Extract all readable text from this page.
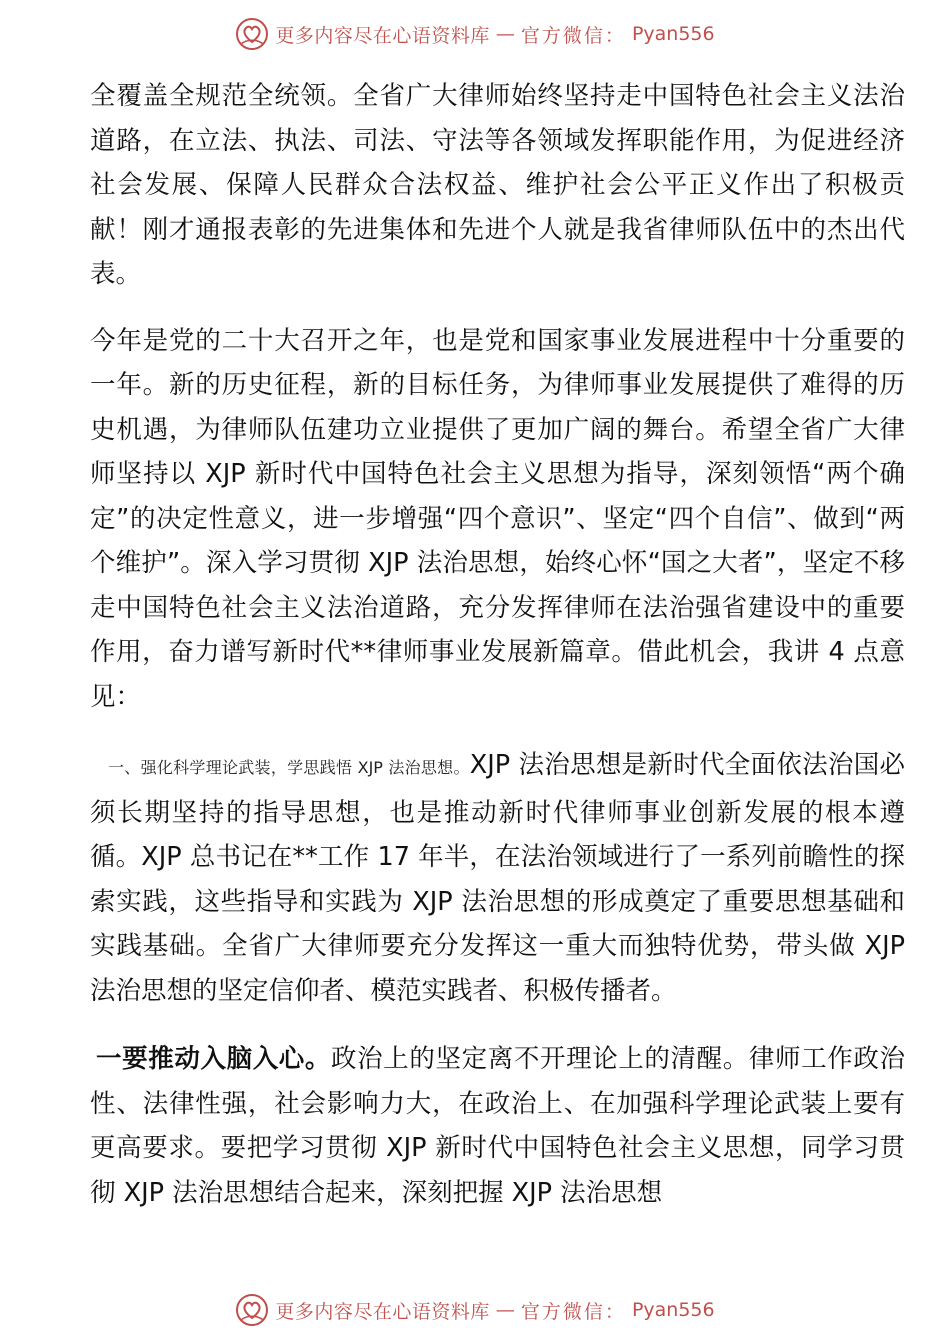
更多内容尽在心语资料库 — 官方微信： Pyan556

全覆盖全规范全统领。全省广大律师始终坚持走中国特色社会主义法治道路，在立法、执法、司法、守法等各领域发挥职能作用，为促进经济社会发展、保障人民群众合法权益、维护社会公平正义作出了积极贡献！刚才通报表彰的先进集体和先进个人就是我省律师队伍中的杰出代表。

今年是党的二十大召开之年，也是党和国家事业发展进程中十分重要的一年。新的历史征程，新的目标任务，为律师事业发展提供了难得的历史机遇，为律师队伍建功立业提供了更加广阔的舞台。希望全省广大律师坚持以 XJP 新时代中国特色社会主义思想为指导，深刻领悟“两个确定”的决定性意义，进一步增强“四个意识”、坚定“四个自信”、做到“两个维护”。深入学习贯彻 XJP 法治思想，始终心怀“国之大者”，坚定不移走中国特色社会主义法治道路，充分发挥律师在法治强省建设中的重要作用，奋力谱写新时代**律师事业发展新篇章。借此机会，我讲 4 点意见：

一、强化科学理论武装，学思践悟 XJP 法治思想。XJP 法治思想是新时代全面依法治国必须长期坚持的指导思想，也是推动新时代律师事业创新发展的根本遵循。XJP 总书记在**工作 17 年半，在法治领域进行了一系列前瞻性的探索实践，这些指导和实践为 XJP 法治思想的形成奠定了重要思想基础和实践基础。全省广大律师要充分发挥这一重大而独特优势，带头做 XJP 法治思想的坚定信仰者、模范实践者、积极传播者。

一要推动入脑入心。政治上的坚定离不开理论上的清醒。律师工作政治性、法律性强，社会影响力大，在政治上、在加强科学理论武装上要有更高要求。要把学习贯彻 XJP 新时代中国特色社会主义思想，同学习贯彻 XJP 法治思想结合起来，深刻把握 XJP 法治思想

更多内容尽在心语资料库 — 官方微信： Pyan556
